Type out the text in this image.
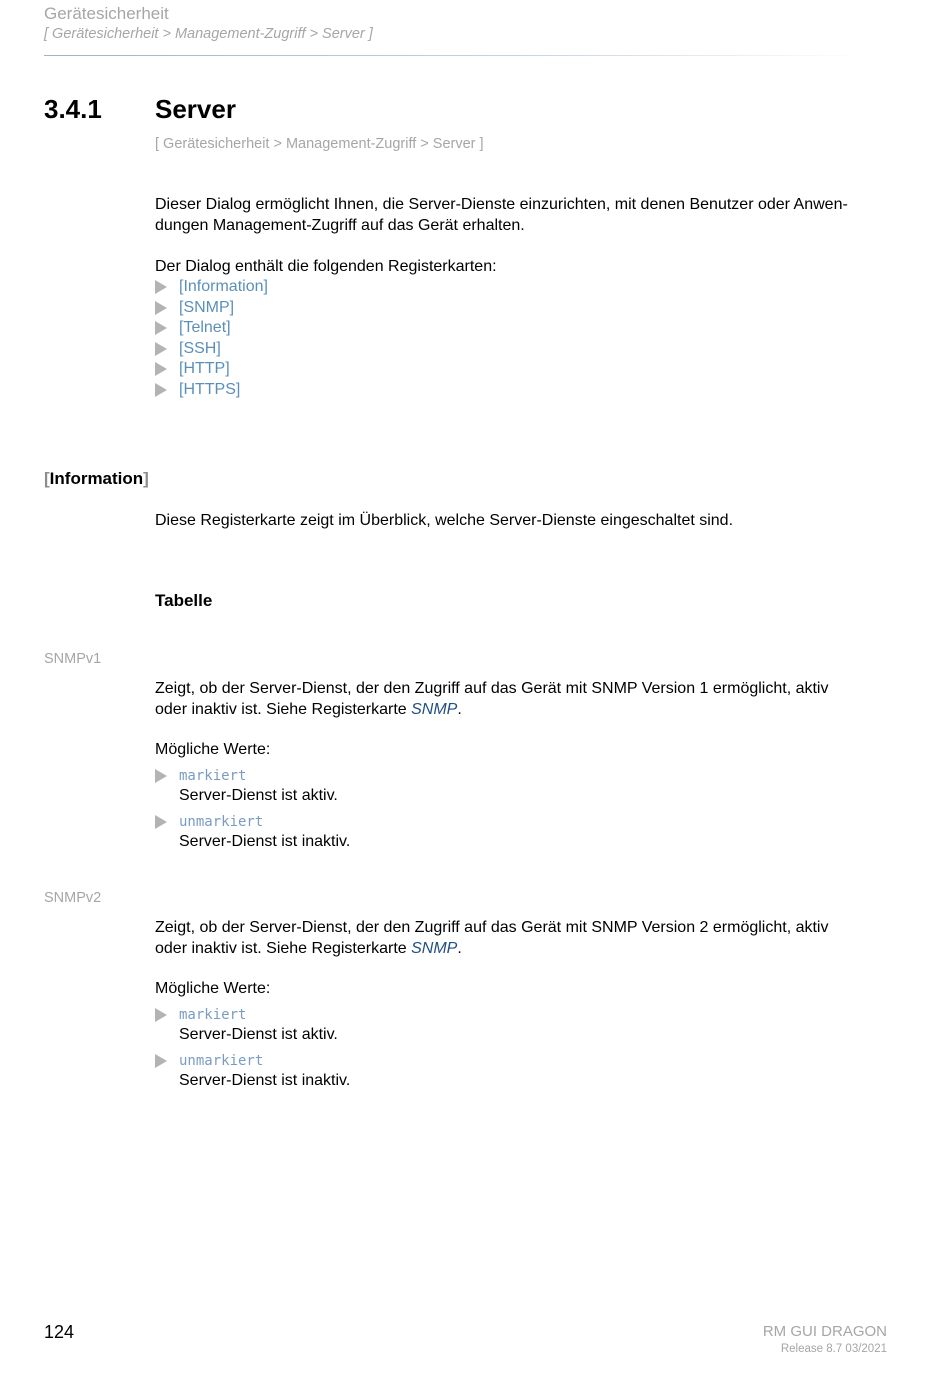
Gerätesicherheit
[ Gerätesicherheit > Management-Zugriff > Server ]
3.4.1 Server
[ Gerätesicherheit > Management-Zugriff > Server ]
Dieser Dialog ermöglicht Ihnen, die Server-Dienste einzurichten, mit denen Benutzer oder Anwen-
dungen Management-Zugriff auf das Gerät erhalten.
Der Dialog enthält die folgenden Registerkarten:
[Information]
[SNMP]
[Telnet]
[SSH]
[HTTP]
[HTTPS]
[Information]
Diese Registerkarte zeigt im Überblick, welche Server-Dienste eingeschaltet sind.
Tabelle
SNMPv1
Zeigt, ob der Server-Dienst, der den Zugriff auf das Gerät mit SNMP Version 1 ermöglicht, aktiv
oder inaktiv ist. Siehe Registerkarte SNMP.
Mögliche Werte:
markiert
Server-Dienst ist aktiv.
unmarkiert
Server-Dienst ist inaktiv.
SNMPv2
Zeigt, ob der Server-Dienst, der den Zugriff auf das Gerät mit SNMP Version 2 ermöglicht, aktiv
oder inaktiv ist. Siehe Registerkarte SNMP.
Mögliche Werte:
markiert
Server-Dienst ist aktiv.
unmarkiert
Server-Dienst ist inaktiv.
124	RM GUI DRAGON
Release 8.7 03/2021
